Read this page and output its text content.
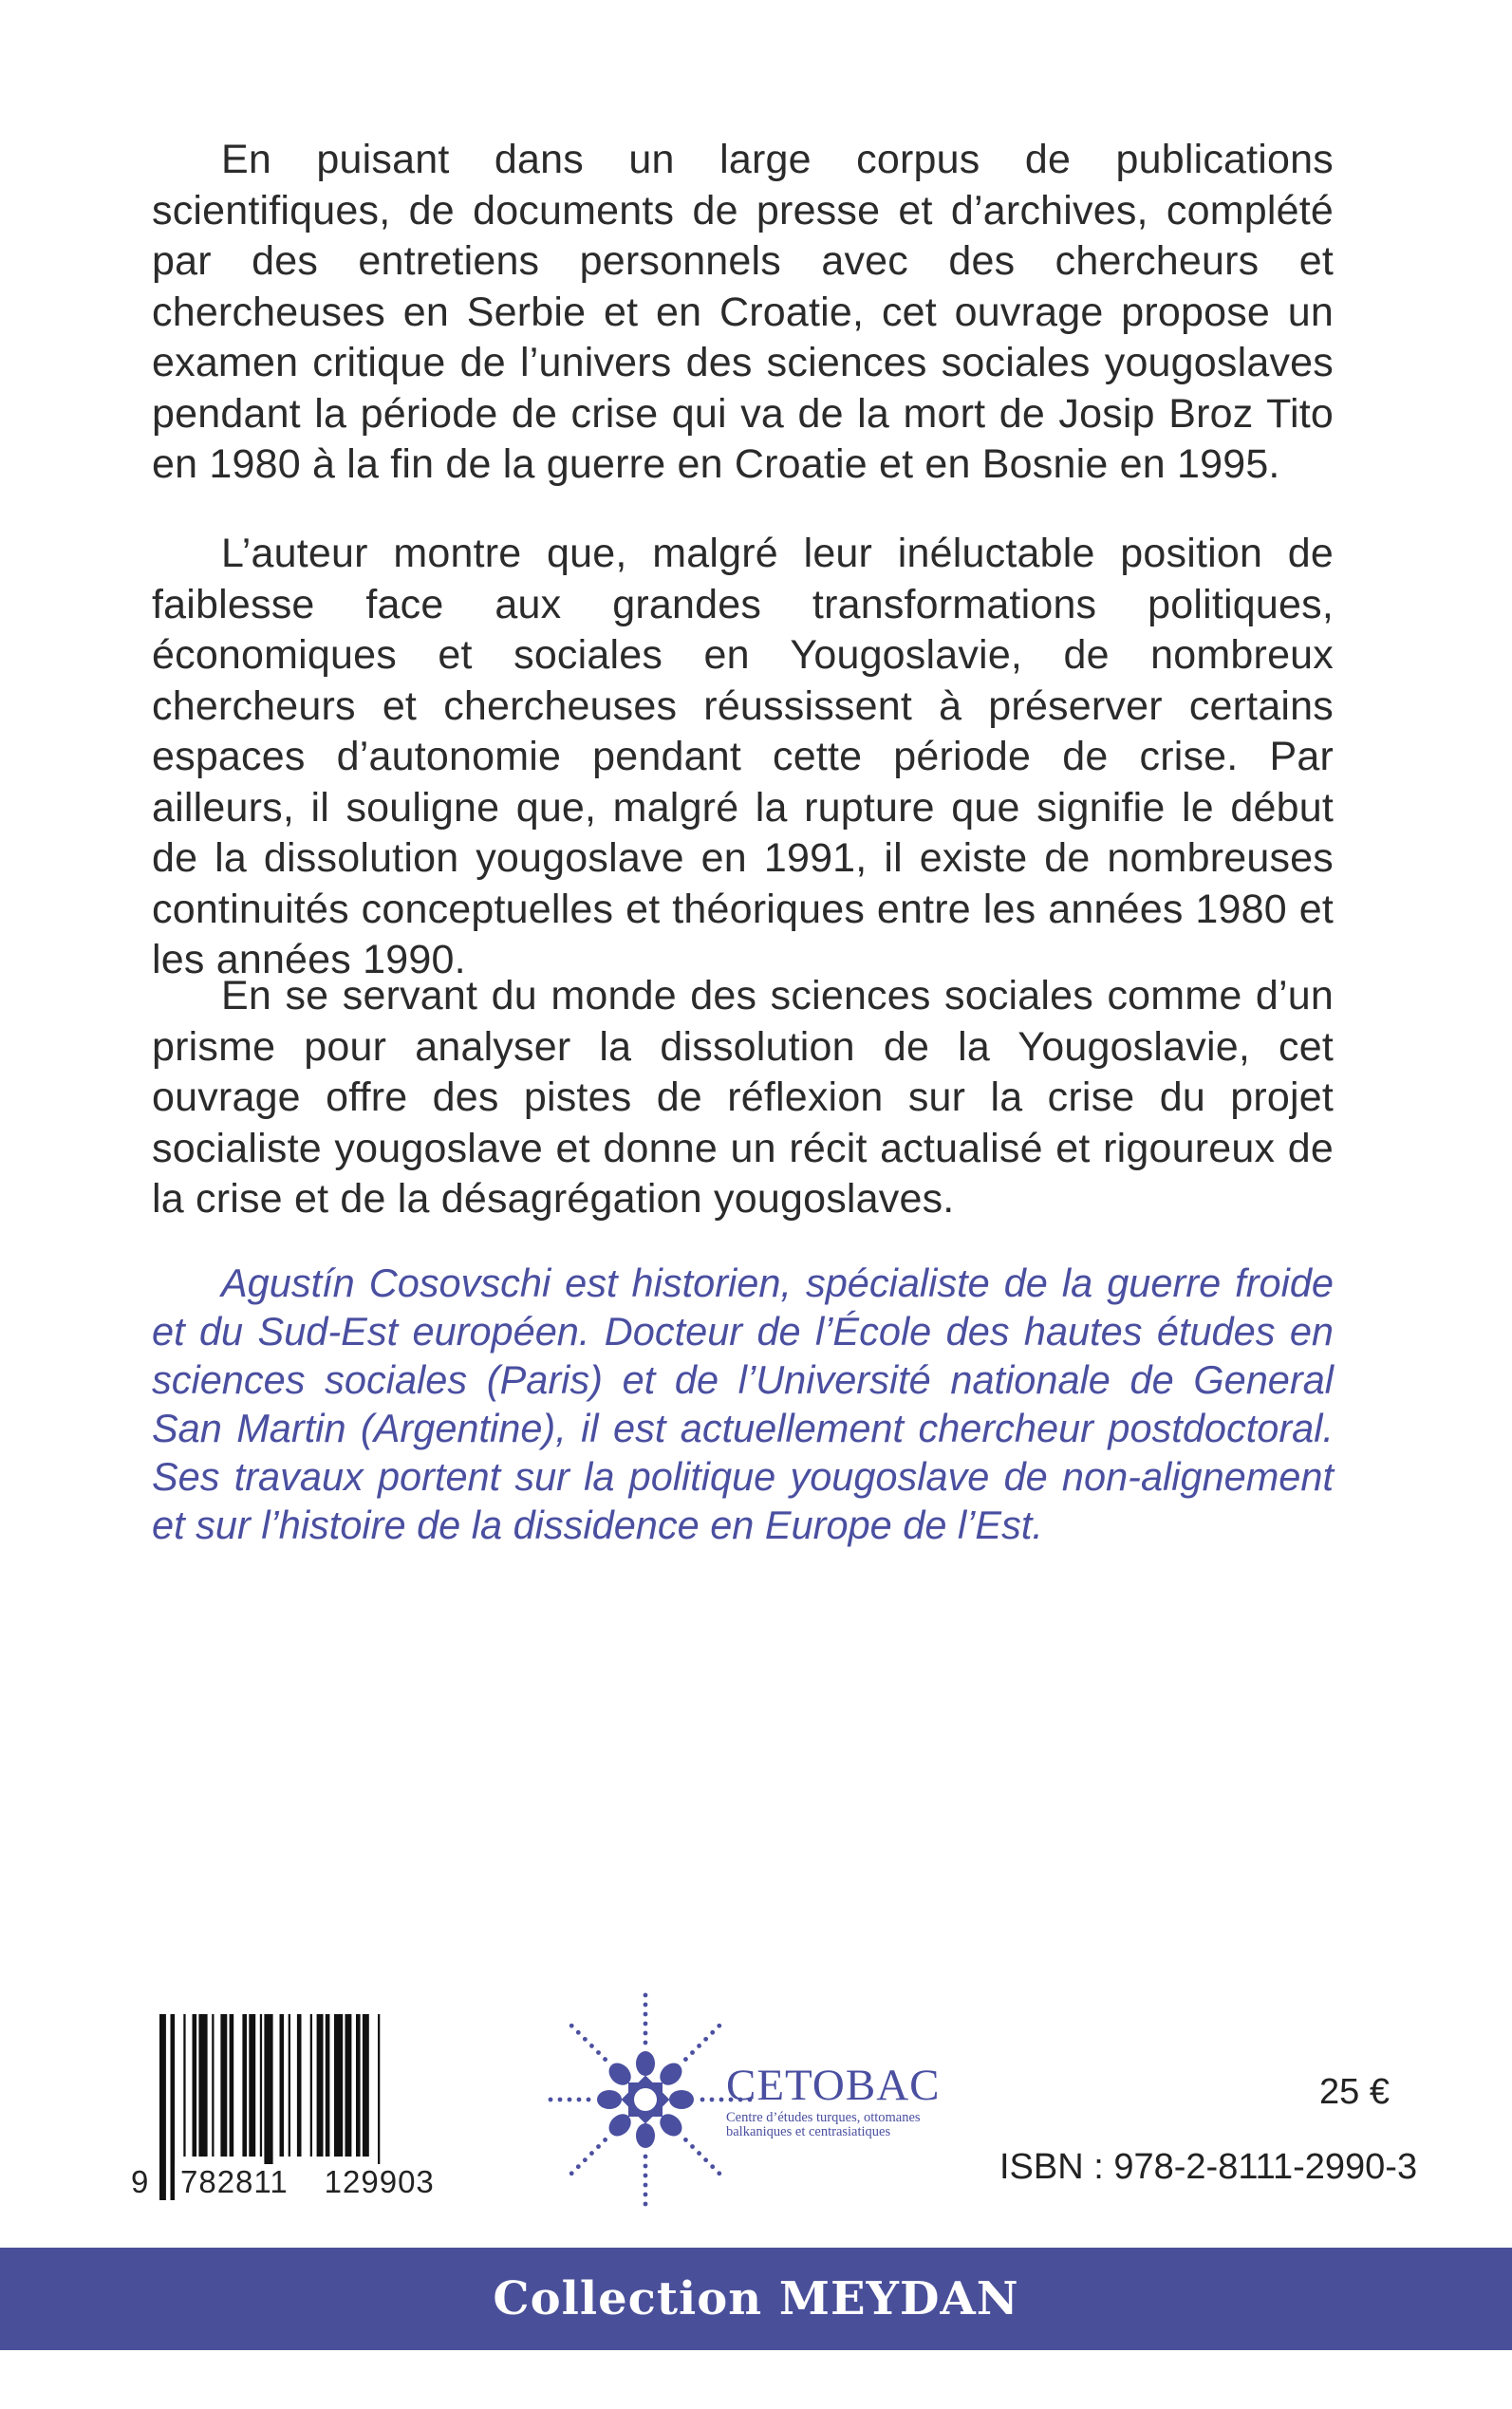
En puisant dans un large corpus de publications scientifiques, de documents de presse et d’archives, complété par des entretiens personnels avec des chercheurs et chercheuses en Serbie et en Croatie, cet ouvrage propose un examen critique de l’univers des sciences sociales yougoslaves pendant la période de crise qui va de la mort de Josip Broz Tito en 1980 à la fin de la guerre en Croatie et en Bosnie en 1995.

L’auteur montre que, malgré leur inéluctable position de faiblesse face aux grandes transformations politiques, économiques et sociales en Yougoslavie, de nombreux chercheurs et chercheuses réussissent à préserver certains espaces d’autonomie pendant cette période de crise. Par ailleurs, il souligne que, malgré la rupture que signifie le début de la dissolution yougoslave en 1991, il existe de nombreuses continuités conceptuelles et théoriques entre les années 1980 et les années 1990.

En se servant du monde des sciences sociales comme d’un prisme pour analyser la dissolution de la Yougoslavie, cet ouvrage offre des pistes de réflexion sur la crise du projet socialiste yougoslave et donne un récit actualisé et rigoureux de la crise et de la désagrégation yougoslaves.

Agustín Cosovschi est historien, spécialiste de la guerre froide et du Sud-Est européen. Docteur de l’École des hautes études en sciences sociales (Paris) et de l’Université nationale de General San Martin (Argentine), il est actuellement chercheur postdoctoral. Ses travaux portent sur la politique yougoslave de non-alignement et sur l’histoire de la dissidence en Europe de l’Est.

9	782811 129903
CETOBAC
Centre d’études turques, ottomanes balkaniques et centrasiatiques
25 €
ISBN : 978-2-8111-2990-3
Collection MEYDAN
